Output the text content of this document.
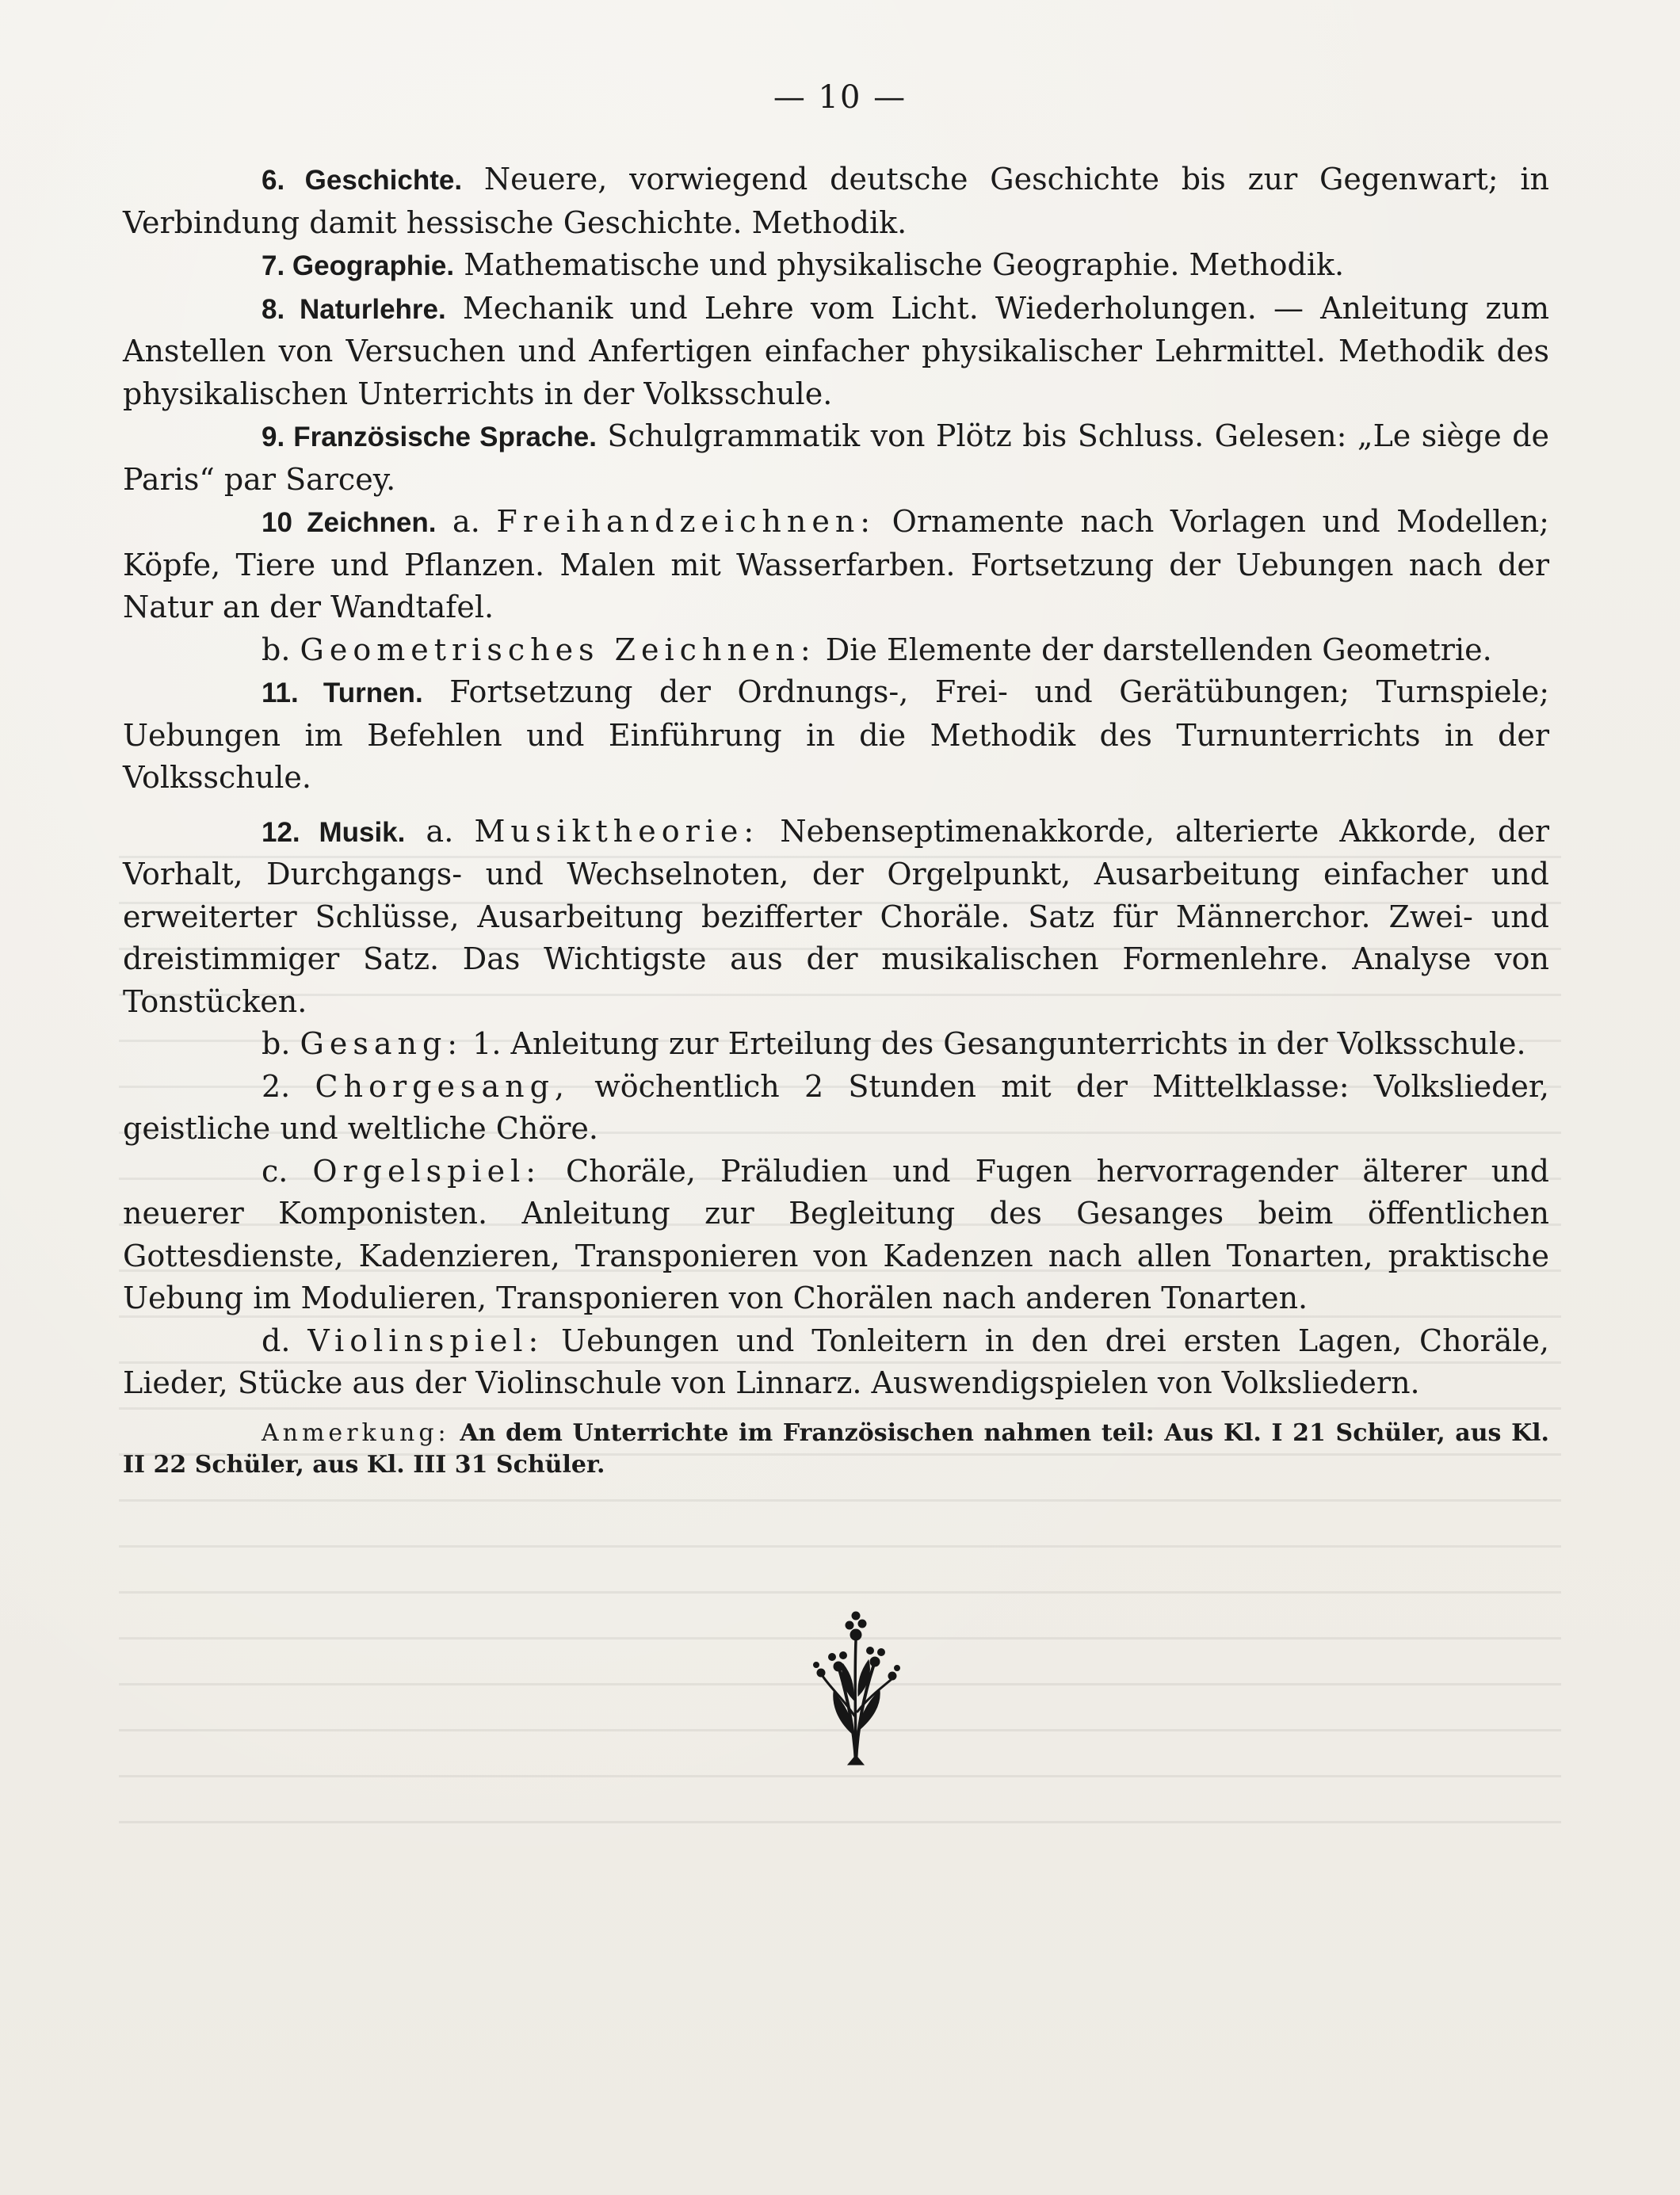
— 10 —

6. Geschichte. Neuere, vorwiegend deutsche Geschichte bis zur Gegenwart; in Verbindung damit hessische Geschichte. Methodik.

7. Geographie. Mathematische und physikalische Geographie. Methodik.

8. Naturlehre. Mechanik und Lehre vom Licht. Wiederholungen. — Anleitung zum Anstellen von Versuchen und Anfertigen einfacher physikalischer Lehrmittel. Methodik des physikalischen Unterrichts in der Volksschule.

9. Französische Sprache. Schulgrammatik von Plötz bis Schluss. Gelesen: „Le siège de Paris“ par Sarcey.

10 Zeichnen. a. Freihandzeichnen: Ornamente nach Vorlagen und Modellen; Köpfe, Tiere und Pflanzen. Malen mit Wasserfarben. Fortsetzung der Uebungen nach der Natur an der Wandtafel.

b. Geometrisches Zeichnen: Die Elemente der darstellenden Geometrie.

11. Turnen. Fortsetzung der Ordnungs-, Frei- und Gerätübungen; Turnspiele; Uebungen im Befehlen und Einführung in die Methodik des Turnunterrichts in der Volksschule.

12. Musik. a. Musiktheorie: Nebenseptimenakkorde, alterierte Akkorde, der Vorhalt, Durchgangs- und Wechselnoten, der Orgelpunkt, Ausarbeitung einfacher und erweiterter Schlüsse, Ausarbeitung bezifferter Choräle. Satz für Männerchor. Zwei- und dreistimmiger Satz. Das Wichtigste aus der musikalischen Formenlehre. Analyse von Tonstücken.

b. Gesang: 1. Anleitung zur Erteilung des Gesangunterrichts in der Volksschule.

2. Chorgesang, wöchentlich 2 Stunden mit der Mittelklasse: Volkslieder, geistliche und weltliche Chöre.

c. Orgelspiel: Choräle, Präludien und Fugen hervorragender älterer und neuerer Komponisten. Anleitung zur Begleitung des Gesanges beim öffentlichen Gottesdienste, Kadenzieren, Transponieren von Kadenzen nach allen Tonarten, praktische Uebung im Modulieren, Transponieren von Chorälen nach anderen Tonarten.

d. Violinspiel: Uebungen und Tonleitern in den drei ersten Lagen, Choräle, Lieder, Stücke aus der Violinschule von Linnarz. Auswendigspielen von Volksliedern.

Anmerkung: An dem Unterrichte im Französischen nahmen teil: Aus Kl. I 21 Schüler, aus Kl. II 22 Schüler, aus Kl. III 31 Schüler.
